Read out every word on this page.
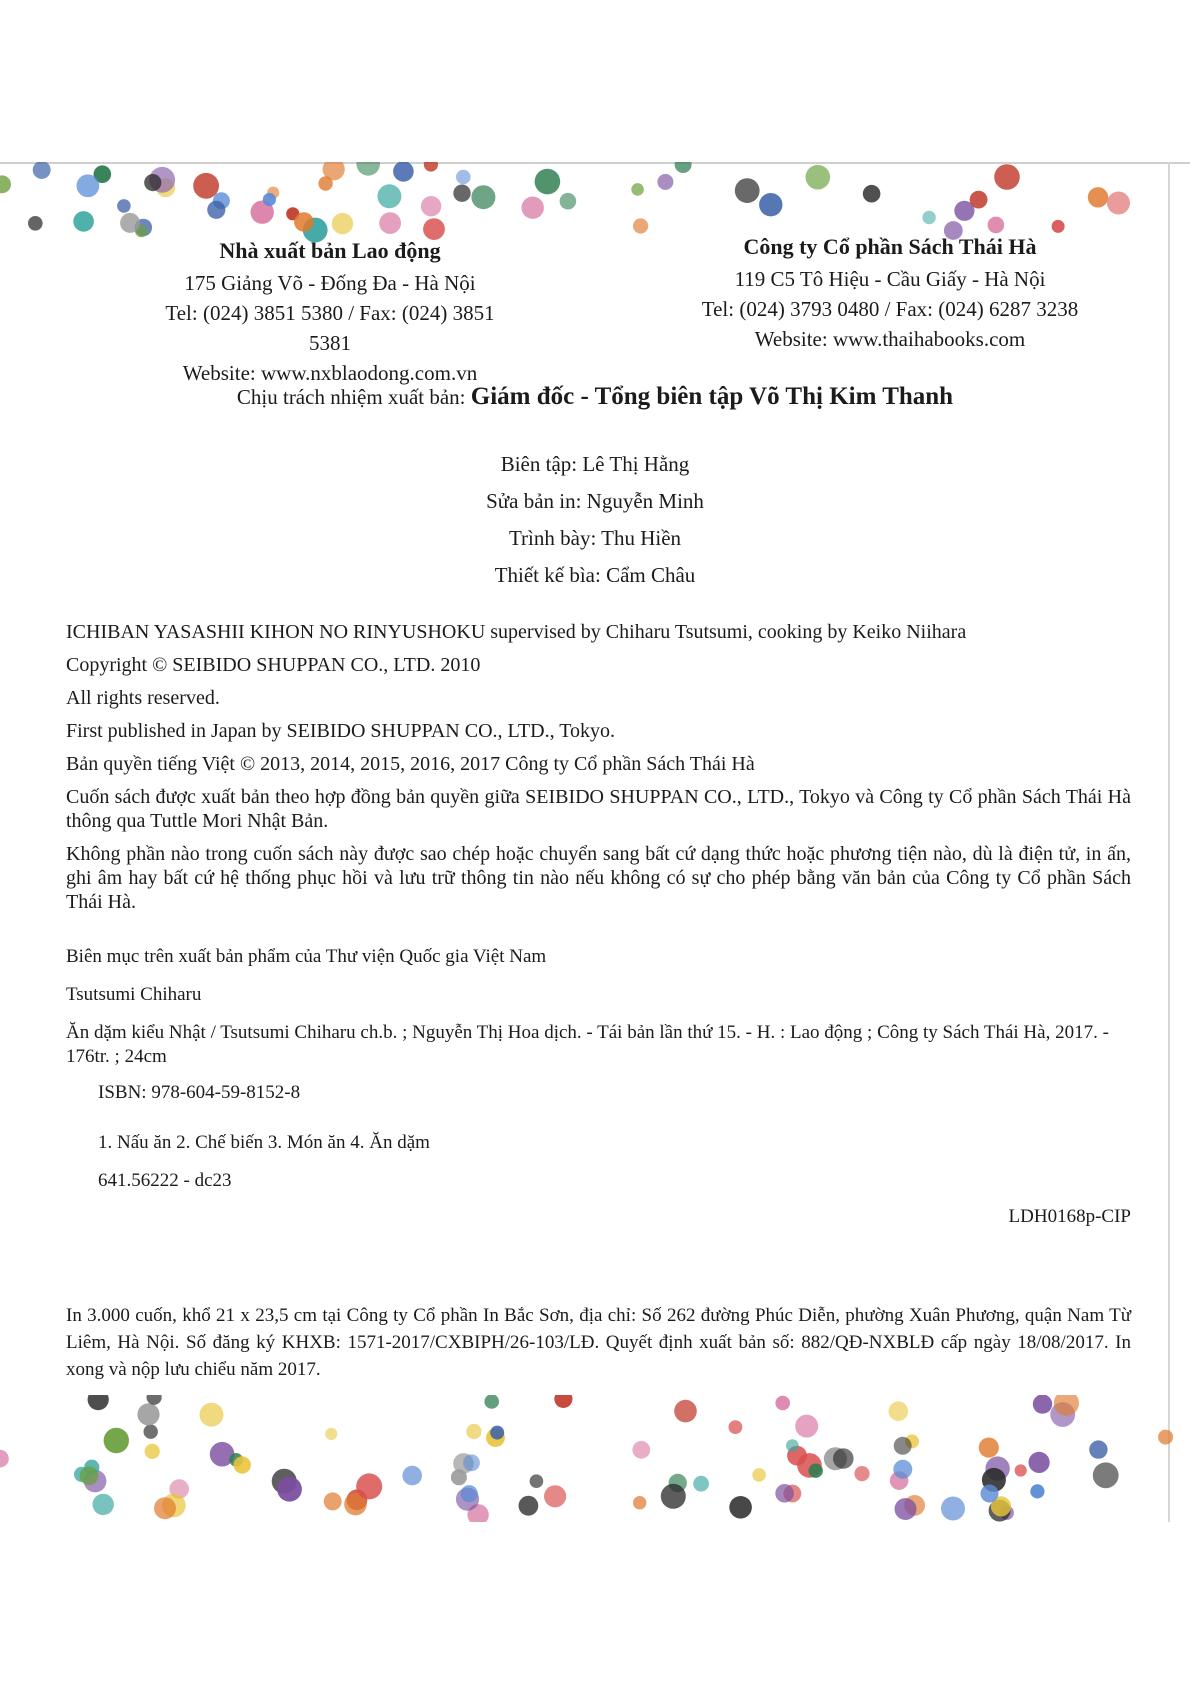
Nhà xuất bản Lao động
175 Giảng Võ - Đống Đa - Hà Nội
Tel: (024) 3851 5380 / Fax: (024) 3851 5381
Website: www.nxblaodong.com.vn
Công ty Cổ phần Sách Thái Hà
119 C5 Tô Hiệu - Cầu Giấy - Hà Nội
Tel: (024) 3793 0480 / Fax: (024) 6287 3238
Website: www.thaihabooks.com
Chịu trách nhiệm xuất bản: Giám đốc - Tổng biên tập Võ Thị Kim Thanh
Biên tập: Lê Thị Hằng
Sửa bản in: Nguyễn Minh
Trình bày: Thu Hiền
Thiết kế bìa: Cẩm Châu

ICHIBAN YASASHII KIHON NO RINYUSHOKU supervised by Chiharu Tsutsumi, cooking by Keiko Niihara

Copyright © SEIBIDO SHUPPAN CO., LTD. 2010

All rights reserved.

First published in Japan by SEIBIDO SHUPPAN CO., LTD., Tokyo.

Bản quyền tiếng Việt © 2013, 2014, 2015, 2016, 2017 Công ty Cổ phần Sách Thái Hà

Cuốn sách được xuất bản theo hợp đồng bản quyền giữa SEIBIDO SHUPPAN CO., LTD., Tokyo và Công ty Cổ phần Sách Thái Hà thông qua Tuttle Mori Nhật Bản.

Không phần nào trong cuốn sách này được sao chép hoặc chuyển sang bất cứ dạng thức hoặc phương tiện nào, dù là điện tử, in ấn, ghi âm hay bất cứ hệ thống phục hồi và lưu trữ thông tin nào nếu không có sự cho phép bằng văn bản của Công ty Cổ phần Sách Thái Hà.

Biên mục trên xuất bản phẩm của Thư viện Quốc gia Việt Nam

Tsutsumi Chiharu

Ăn dặm kiểu Nhật / Tsutsumi Chiharu ch.b. ; Nguyễn Thị Hoa dịch. - Tái bản lần thứ 15. - H. : Lao động ; Công ty Sách Thái Hà, 2017. - 176tr. ; 24cm

ISBN: 978-604-59-8152-8

1. Nấu ăn 2. Chế biến 3. Món ăn 4. Ăn dặm

641.56222 - dc23

LDH0168p-CIP

In 3.000 cuốn, khổ 21 x 23,5 cm tại Công ty Cổ phần In Bắc Sơn, địa chỉ: Số 262 đường Phúc Diễn, phường Xuân Phương, quận Nam Từ Liêm, Hà Nội. Số đăng ký KHXB: 1571-2017/CXBIPH/26-103/LĐ. Quyết định xuất bản số: 882/QĐ-NXBLĐ cấp ngày 18/08/2017. In xong và nộp lưu chiểu năm 2017.
